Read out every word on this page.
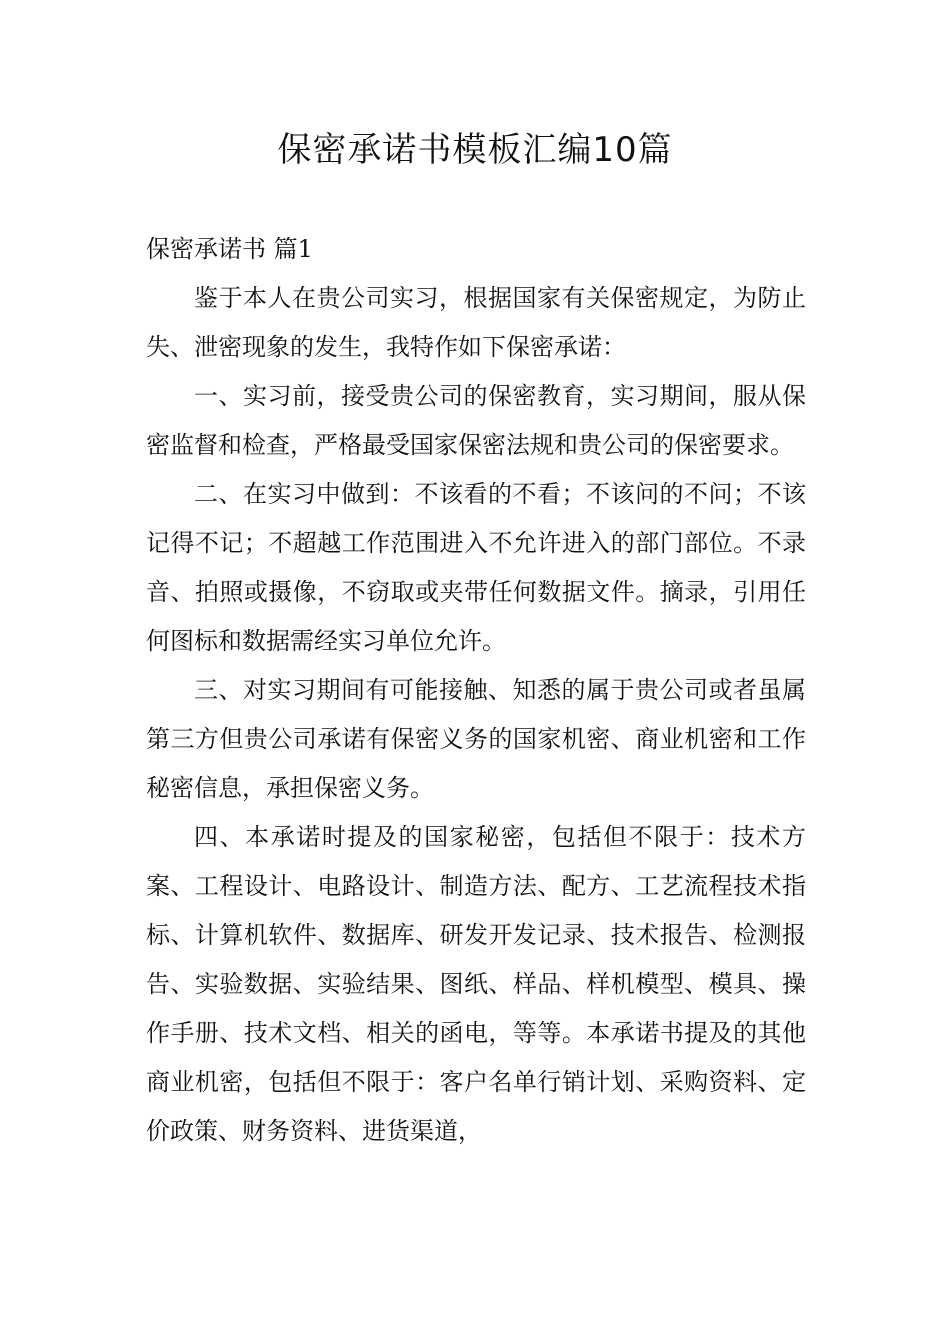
保密承诺书模板汇编10篇

保密承诺书 篇1

鉴于本人在贵公司实习，根据国家有关保密规定，为防止失、泄密现象的发生，我特作如下保密承诺：

一、实习前，接受贵公司的保密教育，实习期间，服从保密监督和检查，严格最受国家保密法规和贵公司的保密要求。

二、在实习中做到：不该看的不看；不该问的不问；不该记得不记；不超越工作范围进入不允许进入的部门部位。不录音、拍照或摄像，不窃取或夹带任何数据文件。摘录，引用任何图标和数据需经实习单位允许。

三、对实习期间有可能接触、知悉的属于贵公司或者虽属第三方但贵公司承诺有保密义务的国家机密、商业机密和工作秘密信息，承担保密义务。

四、本承诺时提及的国家秘密，包括但不限于：技术方案、工程设计、电路设计、制造方法、配方、工艺流程技术指标、计算机软件、数据库、研发开发记录、技术报告、检测报告、实验数据、实验结果、图纸、样品、样机模型、模具、操作手册、技术文档、相关的函电，等等。本承诺书提及的其他商业机密，包括但不限于：客户名单行销计划、采购资料、定价政策、财务资料、进货渠道，
